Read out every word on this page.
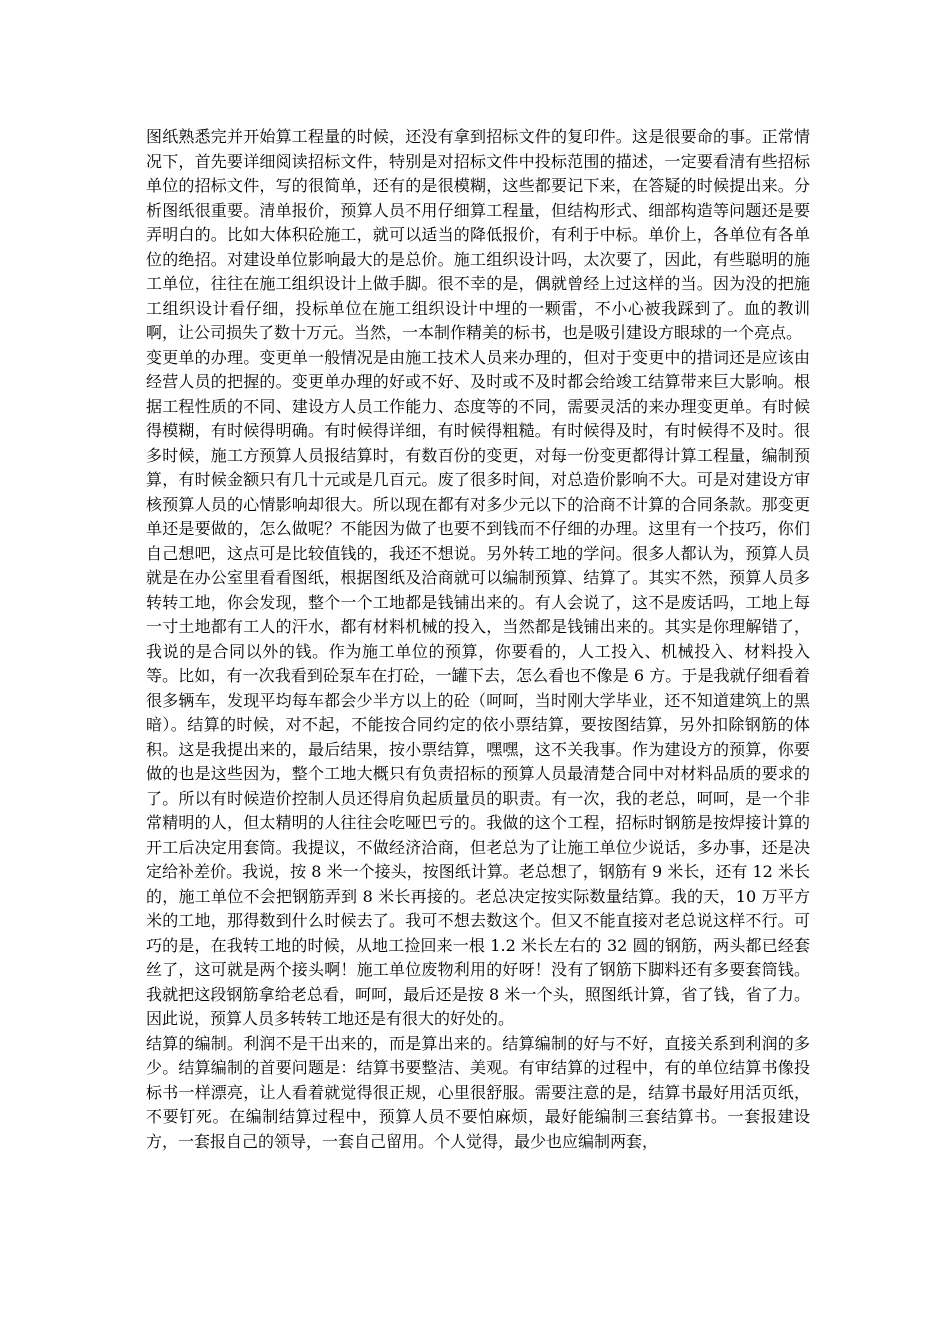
图纸熟悉完并开始算工程量的时候，还没有拿到招标文件的复印件。这是很要命的事。正常情况下，首先要详细阅读招标文件，特别是对招标文件中投标范围的描述，一定要看清有些招标单位的招标文件，写的很简单，还有的是很模糊，这些都要记下来，在答疑的时候提出来。分析图纸很重要。清单报价，预算人员不用仔细算工程量，但结构形式、细部构造等问题还是要弄明白的。比如大体积砼施工，就可以适当的降低报价，有利于中标。单价上，各单位有各单位的绝招。对建设单位影响最大的是总价。施工组织设计吗，太次要了，因此，有些聪明的施工单位，往往在施工组织设计上做手脚。很不幸的是，偶就曾经上过这样的当。因为没的把施工组织设计看仔细，投标单位在施工组织设计中埋的一颗雷，不小心被我踩到了。血的教训啊，让公司损失了数十万元。当然，一本制作精美的标书，也是吸引建设方眼球的一个亮点。

变更单的办理。变更单一般情况是由施工技术人员来办理的，但对于变更中的措词还是应该由经营人员的把握的。变更单办理的好或不好、及时或不及时都会给竣工结算带来巨大影响。根据工程性质的不同、建设方人员工作能力、态度等的不同，需要灵活的来办理变更单。有时候得模糊，有时候得明确。有时候得详细，有时候得粗糙。有时候得及时，有时候得不及时。很多时候，施工方预算人员报结算时，有数百份的变更，对每一份变更都得计算工程量，编制预算，有时候金额只有几十元或是几百元。废了很多时间，对总造价影响不大。可是对建设方审核预算人员的心情影响却很大。所以现在都有对多少元以下的洽商不计算的合同条款。那变更单还是要做的，怎么做呢？不能因为做了也要不到钱而不仔细的办理。这里有一个技巧，你们自己想吧，这点可是比较值钱的，我还不想说。另外转工地的学问。很多人都认为，预算人员就是在办公室里看看图纸，根据图纸及洽商就可以编制预算、结算了。其实不然，预算人员多转转工地，你会发现，整个一个工地都是钱铺出来的。有人会说了，这不是废话吗，工地上每一寸土地都有工人的汗水，都有材料机械的投入，当然都是钱铺出来的。其实是你理解错了，我说的是合同以外的钱。作为施工单位的预算，你要看的，人工投入、机械投入、材料投入等。比如，有一次我看到砼泵车在打砼，一罐下去，怎么看也不像是 6 方。于是我就仔细看着很多辆车，发现平均每车都会少半方以上的砼（呵呵，当时刚大学毕业，还不知道建筑上的黑暗）。结算的时候，对不起，不能按合同约定的依小票结算，要按图结算，另外扣除钢筋的体积。这是我提出来的，最后结果，按小票结算，嘿嘿，这不关我事。作为建设方的预算，你要做的也是这些因为，整个工地大概只有负责招标的预算人员最清楚合同中对材料品质的要求的了。所以有时候造价控制人员还得肩负起质量员的职责。有一次，我的老总，呵呵，是一个非常精明的人，但太精明的人往往会吃哑巴亏的。我做的这个工程，招标时钢筋是按焊接计算的开工后决定用套筒。我提议，不做经济洽商，但老总为了让施工单位少说话，多办事，还是决定给补差价。我说，按 8 米一个接头，按图纸计算。老总想了，钢筋有 9 米长，还有 12 米长的，施工单位不会把钢筋弄到 8 米长再接的。老总决定按实际数量结算。我的天，10 万平方米的工地，那得数到什么时候去了。我可不想去数这个。但又不能直接对老总说这样不行。可巧的是，在我转工地的时候，从地工捡回来一根 1.2 米长左右的 32 圆的钢筋，两头都已经套丝了，这可就是两个接头啊！施工单位废物利用的好呀！没有了钢筋下脚料还有多要套筒钱。我就把这段钢筋拿给老总看，呵呵，最后还是按 8 米一个头，照图纸计算，省了钱，省了力。因此说，预算人员多转转工地还是有很大的好处的。

结算的编制。利润不是干出来的，而是算出来的。结算编制的好与不好，直接关系到利润的多少。结算编制的首要问题是：结算书要整洁、美观。有审结算的过程中，有的单位结算书像投标书一样漂亮，让人看着就觉得很正规，心里很舒服。需要注意的是，结算书最好用活页纸，不要钉死。在编制结算过程中，预算人员不要怕麻烦，最好能编制三套结算书。一套报建设方，一套报自己的领导，一套自己留用。个人觉得，最少也应编制两套，
